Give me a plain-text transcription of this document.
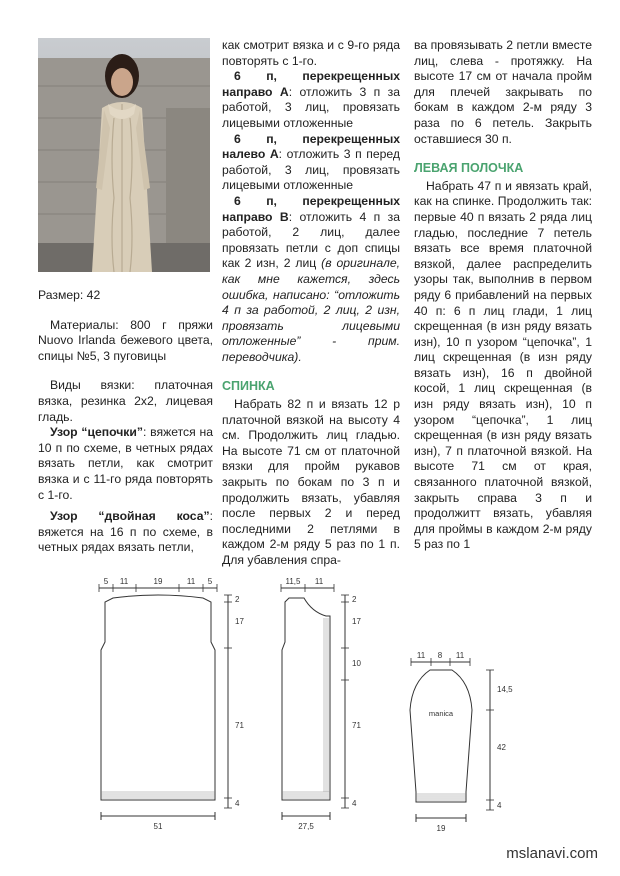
Размер: 42

Материалы: 800 г пряжи Nuovo Irlanda бежевого цвета, спицы №5, 3 пуговицы

Виды вязки: платочная вязка, резинка 2х2, лицевая гладь.

Узор “цепочки”: вяжется на 10 п по схеме, в четных рядах вязать петли, как смотрит вязка и с 11-го ряда повторять с 1-го.

Узор “двойная коса”: вяжется на 16 п по схеме, в четных рядах вязать петли,

как смотрит вязка и с 9-го ряда повторять с 1-го.

6 п, перекрещенных направо А: отложить 3 п за работой, 3 лиц, провязать лицевыми отложенные

6 п, перекрещенных налево А: отложить 3 п перед работой, 3 лиц, провязать лицевыми отложенные

6 п, перекрещенных направо В: отложить 4 п за работой, 2 лиц, далее провязать петли с доп спицы как 2 изн, 2 лиц (в оригинале, как мне кажется, здесь ошибка, написано: “отложить 4 п за работой, 2 лиц, 2 изн, провязать лицевыми отложенные” - прим. переводчика).

СПИНКА

Набрать 82 п и вязать 12 р платочной вязкой на высоту 4 см. Продолжить лиц гладью. На высоте 71 см от платочной вязки для пройм рукавов закрыть по бокам по 3 п и продолжить вязать, убавляя после первых 2 и перед последними 2 петлями в каждом 2-м ряду 5 раз по 1 п. Для убавления спра-

ва провязывать 2 петли вместе лиц, слева - протяжку. На высоте 17 см от начала пройм для плечей закрывать по бокам в каждом 2-м ряду 3 раза по 6 петель. Закрыть оставшиеся 30 п.

ЛЕВАЯ ПОЛОЧКА

Набрать 47 п и явязать край, как на спинке. Продолжить так: первые 40 п вязать 2 ряда лиц гладью, последние 7 петель вязать все время платочной вязкой, далее распределить узоры так, выполнив в первом ряду 6 прибавлений на первых 40 п: 6 п лиц глади, 1 лиц скрещенная (в изн ряду вязать изн), 10 п узором “цепочка”, 1 лиц скрещенная (в изн ряду вязать изн), 16 п двойной косой, 1 лиц скрещенная (в изн ряду вязать изн), 10 п узором “цепочка”, 1 лиц скрещенная (в изн ряду вязать изн), 7 п платочной вязкой. На высоте 71 см от края, связанного платочной вязкой, закрыть справа 3 п и продолжитт вязать, убавляя для проймы в каждом 2-м ряду 5 раз по 1

5 11	19	11 5
2
17
71
4
51
11,5 11
2
17
10
71
4
27,5
11 8 11
14,5
42
4
19
manica
mslanavi.com
